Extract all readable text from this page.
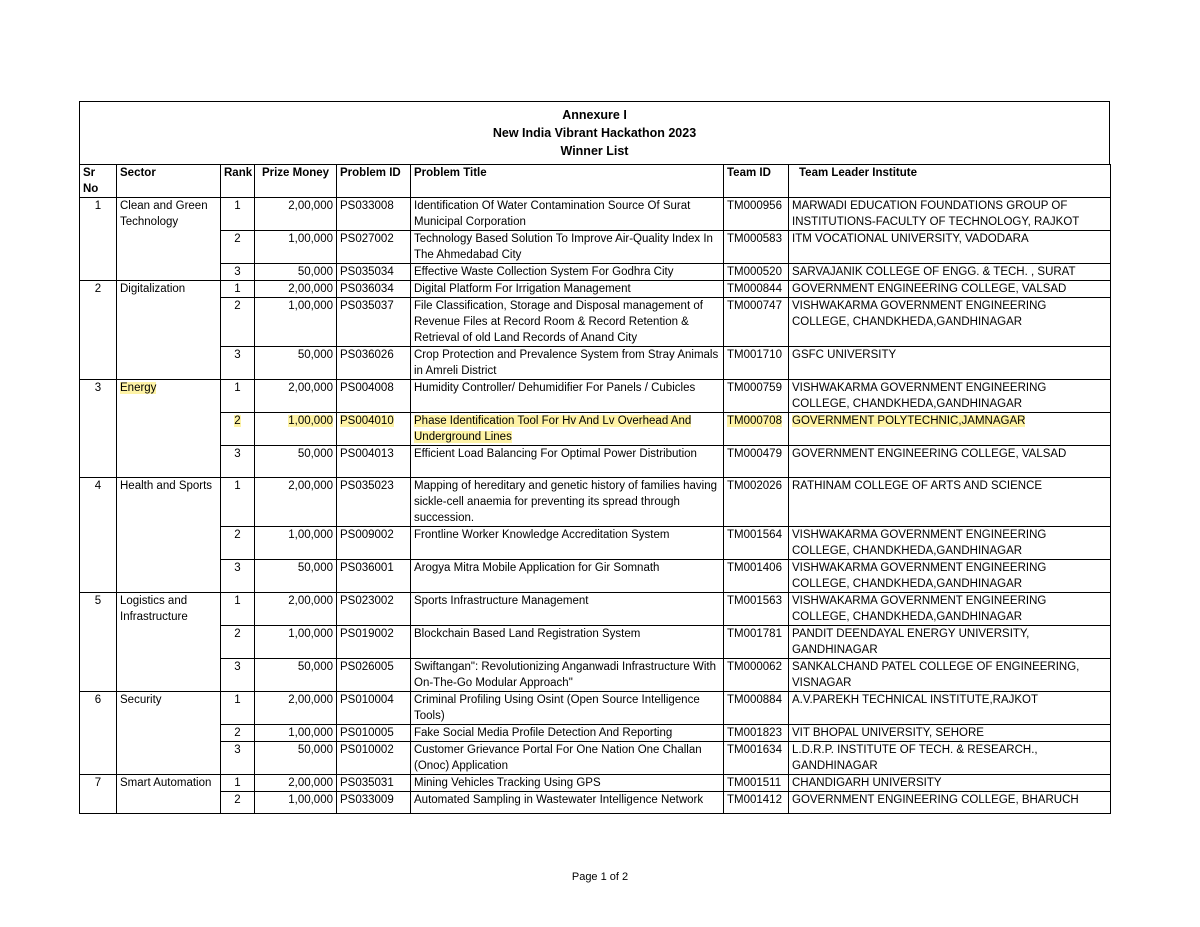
Annexure I
New India Vibrant Hackathon 2023
Winner List
Sr No	Sector	Rank	Prize Money	Problem ID	Problem Title	Team ID	Team Leader Institute
1	Clean and Green Technology	1	2,00,000	PS033008	Identification Of Water Contamination Source Of Surat Municipal Corporation	TM000956	MARWADI EDUCATION FOUNDATIONS GROUP OF INSTITUTIONS-FACULTY OF TECHNOLOGY, RAJKOT
		2	1,00,000	PS027002	Technology Based Solution To Improve Air-Quality Index In The Ahmedabad City	TM000583	ITM VOCATIONAL UNIVERSITY, VADODARA
		3	50,000	PS035034	Effective Waste Collection System For Godhra City	TM000520	SARVAJANIK COLLEGE OF ENGG. & TECH. , SURAT
2	Digitalization	1	2,00,000	PS036034	Digital Platform For Irrigation Management	TM000844	GOVERNMENT ENGINEERING COLLEGE, VALSAD
		2	1,00,000	PS035037	File Classification, Storage and Disposal management of Revenue Files at Record Room & Record Retention & Retrieval of old Land Records of Anand City	TM000747	VISHWAKARMA GOVERNMENT ENGINEERING COLLEGE, CHANDKHEDA,GANDHINAGAR
		3	50,000	PS036026	Crop Protection and Prevalence System from Stray Animals in Amreli District	TM001710	GSFC UNIVERSITY
3	Energy	1	2,00,000	PS004008	Humidity Controller/ Dehumidifier For Panels / Cubicles	TM000759	VISHWAKARMA GOVERNMENT ENGINEERING COLLEGE, CHANDKHEDA,GANDHINAGAR
		2	1,00,000	PS004010	Phase Identification Tool For Hv And Lv Overhead And Underground Lines	TM000708	GOVERNMENT POLYTECHNIC,JAMNAGAR
		3	50,000	PS004013	Efficient Load Balancing For Optimal Power Distribution	TM000479	GOVERNMENT ENGINEERING COLLEGE, VALSAD
4	Health and Sports	1	2,00,000	PS035023	Mapping of hereditary and genetic history of families having sickle-cell anaemia for preventing its spread through succession.	TM002026	RATHINAM COLLEGE OF ARTS AND SCIENCE
		2	1,00,000	PS009002	Frontline Worker Knowledge Accreditation System	TM001564	VISHWAKARMA GOVERNMENT ENGINEERING COLLEGE, CHANDKHEDA,GANDHINAGAR
		3	50,000	PS036001	Arogya Mitra Mobile Application for Gir Somnath	TM001406	VISHWAKARMA GOVERNMENT ENGINEERING COLLEGE, CHANDKHEDA,GANDHINAGAR
5	Logistics and Infrastructure	1	2,00,000	PS023002	Sports Infrastructure Management	TM001563	VISHWAKARMA GOVERNMENT ENGINEERING COLLEGE, CHANDKHEDA,GANDHINAGAR
		2	1,00,000	PS019002	Blockchain Based Land Registration System	TM001781	PANDIT DEENDAYAL ENERGY UNIVERSITY, GANDHINAGAR
		3	50,000	PS026005	Swiftangan": Revolutionizing Anganwadi Infrastructure With On-The-Go Modular Approach"	TM000062	SANKALCHAND PATEL COLLEGE OF ENGINEERING, VISNAGAR
6	Security	1	2,00,000	PS010004	Criminal Profiling Using Osint (Open Source Intelligence Tools)	TM000884	A.V.PAREKH TECHNICAL INSTITUTE,RAJKOT
		2	1,00,000	PS010005	Fake Social Media Profile Detection And Reporting	TM001823	VIT BHOPAL UNIVERSITY, SEHORE
		3	50,000	PS010002	Customer Grievance Portal For One Nation One Challan (Onoc) Application	TM001634	L.D.R.P. INSTITUTE OF TECH. & RESEARCH., GANDHINAGAR
7	Smart Automation	1	2,00,000	PS035031	Mining Vehicles Tracking Using GPS	TM001511	CHANDIGARH UNIVERSITY
		2	1,00,000	PS033009	Automated Sampling in Wastewater Intelligence Network	TM001412	GOVERNMENT ENGINEERING COLLEGE, BHARUCH
Page 1 of 2
